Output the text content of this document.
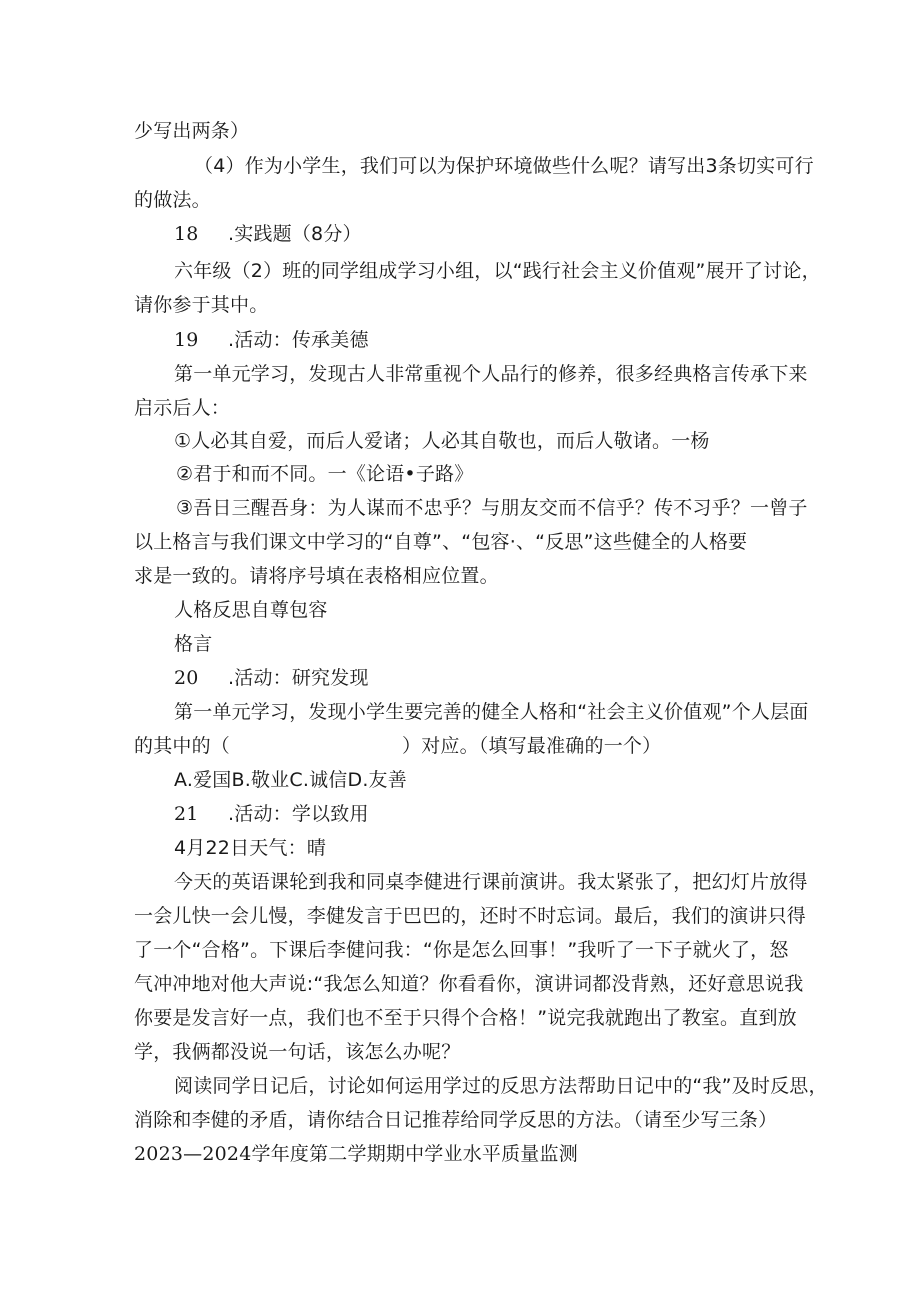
少写出两条）
（4）作为小学生，我们可以为保护环境做些什么呢？请写出3条切实可行
的做法。
18 .实践题（8分）
六年级（2）班的同学组成学习小组，以“践行社会主义价值观”展开了讨论，
请你参于其中。
19 .活动：传承美德
第一单元学习，发现古人非常重视个人品行的修养，很多经典格言传承下来
启示后人：
①人必其自爱，而后人爱诸；人必其自敬也，而后人敬诸。一杨
②君于和而不同。一《论语•子路》
③吾日三醒吾身：为人谋而不忠乎？与朋友交而不信乎？传不习乎？一曾子
以上格言与我们课文中学习的“自尊”、“包容·、“反思”这些健全的人格要
求是一致的。请将序号填在表格相应位置。
人格反思自尊包容
格言
20 .活动：研究发现
第一单元学习，发现小学生要完善的健全人格和“社会主义价值观”个人层面
的其中的（	）对应。（填写最准确的一个）
A.爱国B.敬业C.诚信D.友善
21 .活动：学以致用
4月22日天气：晴
今天的英语课轮到我和同桌李健进行课前演讲。我太紧张了，把幻灯片放得
一会儿快一会儿慢，李健发言于巴巴的，还时不时忘词。最后，我们的演讲只得
了一个“合格”。下课后李健问我：“你是怎么回事！”我听了一下子就火了，怒
气冲冲地对他大声说:“我怎么知道？你看看你，演讲词都没背熟，还好意思说我
你要是发言好一点，我们也不至于只得个合格！”说完我就跑出了教室。直到放
学，我俩都没说一句话，该怎么办呢？
阅读同学日记后，讨论如何运用学过的反思方法帮助日记中的“我”及时反思，
消除和李健的矛盾，请你结合日记推荐给同学反思的方法。（请至少写三条）
2023—2024学年度第二学期期中学业水平质量监测
